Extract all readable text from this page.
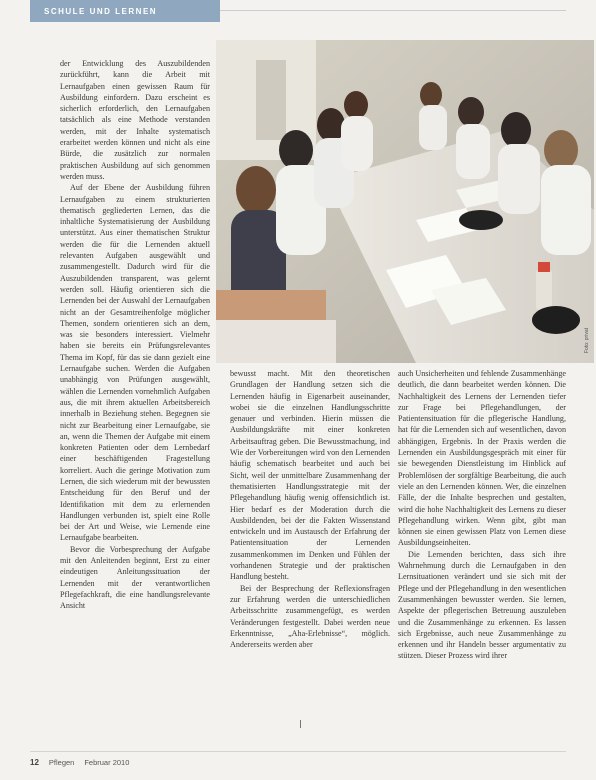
SCHULE UND LERNEN

der Entwicklung des Auszubildenden zurückführt, kann die Arbeit mit Lernaufgaben einen gewissen Raum für Ausbildung einfordern. Dazu erscheint es sicherlich erforderlich, den Lernaufgaben tatsächlich als eine Methode verstanden werden, mit der Inhalte systematisch erarbeitet werden können und nicht als eine Bürde, die zusätzlich zur normalen praktischen Ausbildung auf sich genommen werden muss.

Auf der Ebene der Ausbildung führen Lernaufgaben zu einem strukturierten thematisch gegliederten Lernen, das die inhaltliche Systematisierung der Ausbildung unterstützt. Aus einer thematischen Struktur werden die für die Lernenden aktuell relevanten Aufgaben ausgewählt und zusammengestellt. Dadurch wird für die Auszubildenden transparent, was gelernt werden soll. Häufig orientieren sich die Lernenden bei der Auswahl der Lernaufgaben nicht an der Gesamtreihenfolge möglicher Themen, sondern orientieren sich an dem, was sie besonders interessiert. Vielmehr haben sie bereits ein Prüfungsrelevantes Thema im Kopf, für das sie dann gezielt eine Lernaufgabe suchen. Werden die Aufgaben unabhängig von Prüfungen ausgewählt, wählen die Lernenden vornehmlich Aufgaben aus, die mit ihrem aktuellen Arbeitsbereich innerhalb in Beziehung stehen. Begegnen sie nicht zur Bearbeitung einer Lernaufgabe, sie an, wenn die Themen der Aufgabe mit einem konkreten Patienten oder dem Lernbedarf einer beschäftigenden Fragestellung korreliert. Auch die geringe Motivation zum Lernen, die sich wiederum mit der bewussten Entscheidung für den Beruf und der Identifikation mit dem zu erlernenden Handlungen verbunden ist, spielt eine Rolle bei der Art und Weise, wie Lernende eine Lernaufgabe bearbeiten.

Bevor die Vorbesprechung der Aufgabe mit den Anleitenden beginnt, Erst zu einer eindeutigen Anleitungssituation der Lernenden mit der verantwortlichen Pflegefachkraft, die eine handlungsrelevante Ansicht

Foto: privat

bewusst macht. Mit den theoretischen Grundlagen der Handlung setzen sich die Lernenden häufig in Eigenarbeit auseinander, wobei sie die einzelnen Handlungsschritte genauer und verbinden. Hierin müssen die Ausbildungskräfte mit einer konkreten Arbeitsauftrag geben. Die Bewusstmachung, ind Wie der Vorbereitungen wird von den Lernenden häufig schematisch bearbeitet und auch bei Sicht, weil der unmittelbare Zusammenhang der thematisierten Handlungsstrategie mit der Pflegehandlung häufig wenig offensichtlich ist. Hier bedarf es der Moderation durch die Ausbildenden, bei der die Fakten Wissenstand entwickeln und im Austausch der Erfahrung der Patientensituation der Lernenden zusammenkommen im Denken und Fühlen der vorhandenen Strategie und der praktischen Handlung besteht.

Bei der Besprechung der Reflexionsfragen zur Erfahrung werden die unterschiedlichen Arbeitsschritte zusammengefügt, es werden Veränderungen festgestellt. Dabei werden neue Erkenntnisse, „Aha-Erlebnisse“, möglich. Andererseits werden aber

auch Unsicherheiten und fehlende Zusammenhänge deutlich, die dann bearbeitet werden können. Die Nachhaltigkeit des Lernens der Lernenden tiefer zur Frage bei Pflegehandlungen, der Patientensituation für die pflegerische Handlung, hat für die Lernenden sich auf wesentlichen, davon abhängigen, Ergebnis. In der Praxis werden die Lernenden ein Ausbildungsgespräch mit einer für sie bewegenden Dienstleistung im Hinblick auf Problemlösen der sorgfältige Bearbeitung, die auch viele an den Lernenden können. Wer, die einzelnen Fälle, der die Inhalte besprechen und gestalten, wird die hohe Nachhaltigkeit des Lernens zu dieser Pflegehandlung wirken. Wenn gibt, gibt man können sie einen gewissen Platz von Lernen diese Ausbildungseinheiten.

Die Lernenden berichten, dass sich ihre Wahrnehmung durch die Lernaufgaben in den Lernsituationen verändert und sie sich mit der Pflege und der Pflegehandlung in den wesentlichen Zusammenhängen bewusster werden. Sie lernen, Aspekte der pflegerischen Betreuung auszuleben und die Zusammenhänge zu erkennen. Es lassen sich Ergebnisse, auch neue Zusammenhänge zu erkennen und ihr Handeln besser argumentativ zu stützen. Dieser Prozess wird ihrer

12 Pflegen Februar 2010
